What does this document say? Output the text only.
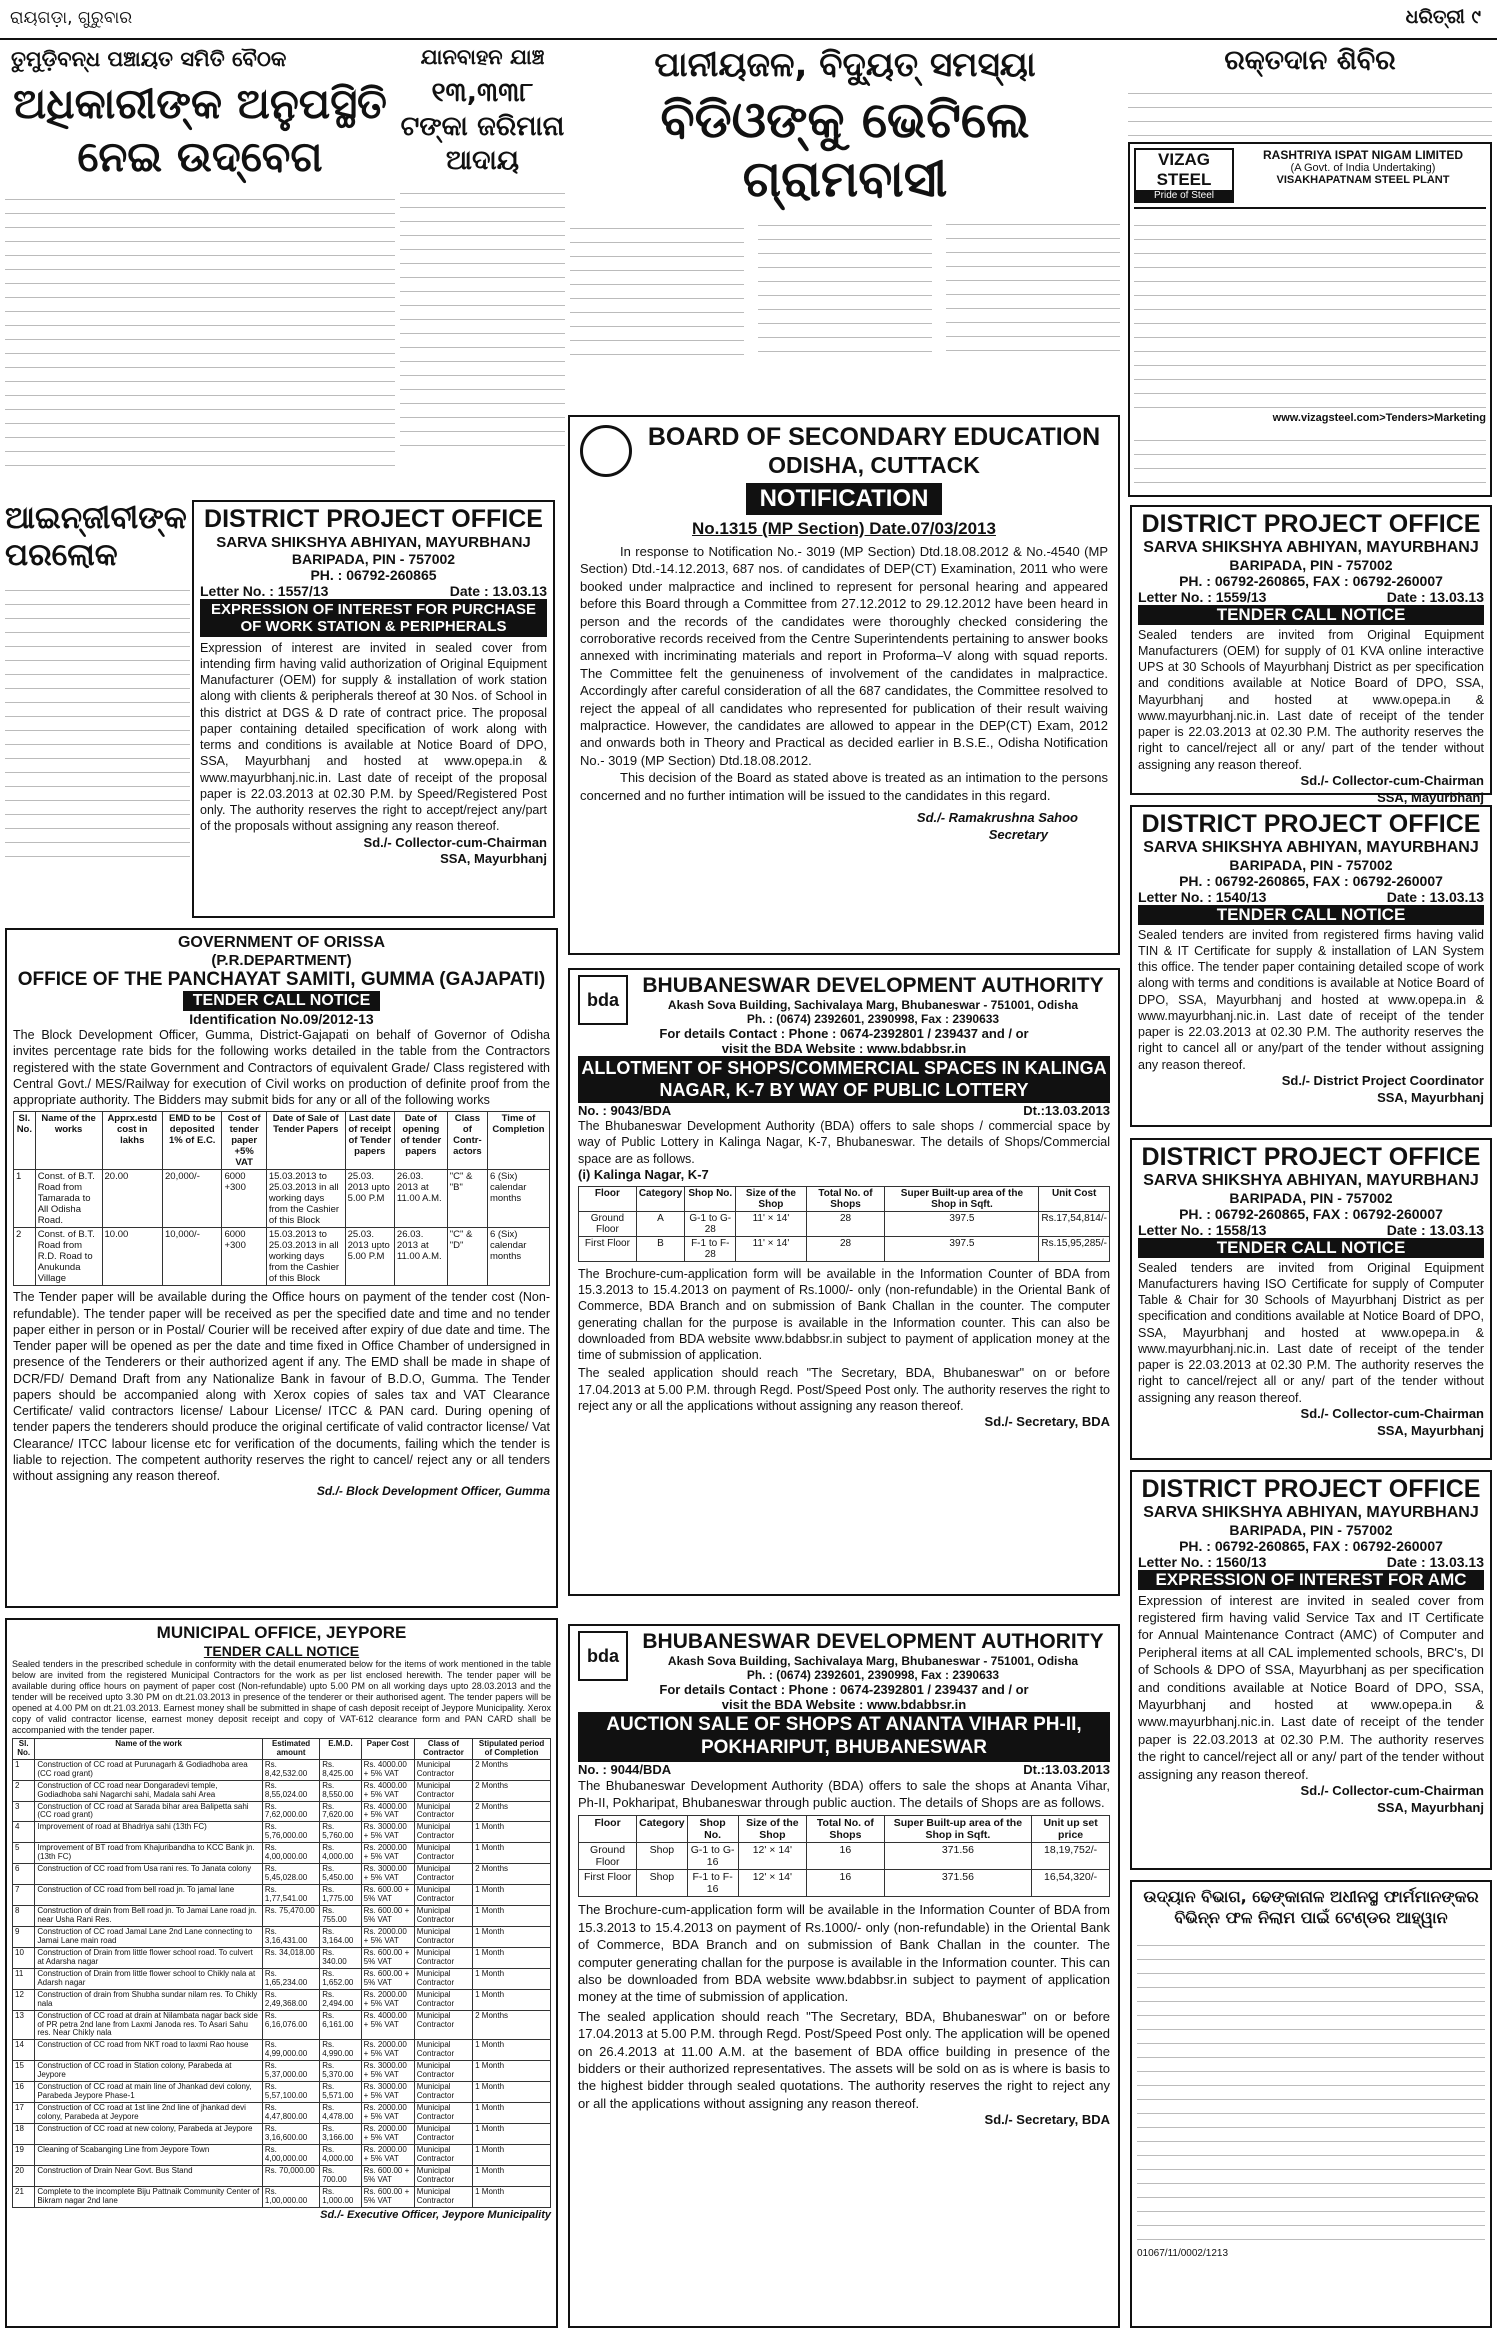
ରାୟଗଡ଼ା, ଗୁରୁବାର	ଧରିତ୍ରୀ ୯
ତୁମୁଡ଼ିବନ୍ଧ ପଞ୍ଚାୟତ ସମିତି ବୈଠକ
ଅଧିକାରୀଙ୍କ ଅନୁପସ୍ଥିତି ନେଇ ଉଦ୍‌ବେଗ
ଯାନବାହନ ଯାଞ୍ଚ
୧୩,୩୩୮ ଟଙ୍କା ଜରିମାନା ଆଦାୟ
ପାନୀୟଜଳ, ବିଦ୍ୟୁତ୍ ସମସ୍ୟା
ବିଡିଓଙ୍କୁ ଭେଟିଲେ ଗ୍ରାମବାସୀ
ରକ୍ତଦାନ ଶିବିର
VIZAG STEEL
Pride of Steel
RASHTRIYA ISPAT NIGAM LIMITED
(A Govt. of India Undertaking)
VISAKHAPATNAM STEEL PLANT
www.vizagsteel.com>Tenders>Marketing
ଆଇନ୍‌ଜୀବୀଙ୍କ ପରଲୋକ
DISTRICT PROJECT OFFICE
SARVA SHIKSHYA ABHIYAN, MAYURBHANJ
BARIPADA, PIN - 757002
PH. : 06792-260865
Letter No. : 1557/13	Date : 13.03.13
EXPRESSION OF INTEREST FOR PURCHASE OF WORK STATION & PERIPHERALS
Expression of interest are invited in sealed cover from intending firm having valid authorization of Original Equipment Manufacturer (OEM) for supply & installation of work station along with clients & peripherals thereof at 30 Nos. of School in this district at DGS & D rate of contract price. The proposal paper containing detailed specification of work along with terms and conditions is available at Notice Board of DPO, SSA, Mayurbhanj and hosted at www.opepa.in & www.mayurbhanj.nic.in. Last date of receipt of the proposal paper is 22.03.2013 at 02.30 P.M. by Speed/Registered Post only. The authority reserves the right to accept/reject any/part of the proposals without assigning any reason thereof.
Sd./- Collector-cum-Chairman
SSA, Mayurbhanj
BOARD OF SECONDARY EDUCATION
ODISHA, CUTTACK
NOTIFICATION
No.1315 (MP Section) Date.07/03/2013
In response to Notification No.- 3019 (MP Section) Dtd.18.08.2012 & No.-4540 (MP Section) Dtd.-14.12.2013, 687 nos. of candidates of DEP(CT) Examination, 2011 who were booked under malpractice and inclined to represent for personal hearing and appeared before this Board through a Committee from 27.12.2012 to 29.12.2012 have been heard in person and the records of the candidates were thoroughly checked considering the corroborative records received from the Centre Superintendents pertaining to answer books annexed with incriminating materials and report in Proforma–V along with squad reports. The Committee felt the genuineness of involvement of the candidates in malpractice. Accordingly after careful consideration of all the 687 candidates, the Committee resolved to reject the appeal of all candidates who represented for publication of their result waiving malpractice. However, the candidates are allowed to appear in the DEP(CT) Exam, 2012 and onwards both in Theory and Practical as decided earlier in B.S.E., Odisha Notification No.- 3019 (MP Section) Dtd.18.08.2012.
This decision of the Board as stated above is treated as an intimation to the persons concerned and no further intimation will be issued to the candidates in this regard.
Sd./- Ramakrushna Sahoo
Secretary
DISTRICT PROJECT OFFICE
SARVA SHIKSHYA ABHIYAN, MAYURBHANJ
BARIPADA, PIN - 757002
PH. : 06792-260865, FAX : 06792-260007
Letter No. : 1559/13	Date : 13.03.13
TENDER CALL NOTICE
Sealed tenders are invited from Original Equipment Manufacturers (OEM) for supply of 01 KVA online interactive UPS at 30 Schools of Mayurbhanj District as per specification and conditions available at Notice Board of DPO, SSA, Mayurbhanj and hosted at www.opepa.in & www.mayurbhanj.nic.in. Last date of receipt of the tender paper is 22.03.2013 at 02.30 P.M. The authority reserves the right to cancel/reject all or any/ part of the tender without assigning any reason thereof.
Sd./- Collector-cum-Chairman
SSA, Mayurbhanj
DISTRICT PROJECT OFFICE
SARVA SHIKSHYA ABHIYAN, MAYURBHANJ
BARIPADA, PIN - 757002
PH. : 06792-260865, FAX : 06792-260007
Letter No. : 1540/13	Date : 13.03.13
TENDER CALL NOTICE
Sealed tenders are invited from registered firms having valid TIN & IT Certificate for supply & installation of LAN System this office. The tender paper containing detailed scope of work along with terms and conditions is available at Notice Board of DPO, SSA, Mayurbhanj and hosted at www.opepa.in & www.mayurbhanj.nic.in. Last date of receipt of the tender paper is 22.03.2013 at 02.30 P.M. The authority reserves the right to cancel all or any/part of the tender without assigning any reason thereof.
Sd./- District Project Coordinator
SSA, Mayurbhanj
DISTRICT PROJECT OFFICE
SARVA SHIKSHYA ABHIYAN, MAYURBHANJ
BARIPADA, PIN - 757002
PH. : 06792-260865, FAX : 06792-260007
Letter No. : 1558/13	Date : 13.03.13
TENDER CALL NOTICE
Sealed tenders are invited from Original Equipment Manufacturers having ISO Certificate for supply of Computer Table & Chair for 30 Schools of Mayurbhanj District as per specification and conditions available at Notice Board of DPO, SSA, Mayurbhanj and hosted at www.opepa.in & www.mayurbhanj.nic.in. Last date of receipt of the tender paper is 22.03.2013 at 02.30 P.M. The authority reserves the right to cancel/reject all or any/ part of the tender without assigning any reason thereof.
Sd./- Collector-cum-Chairman
SSA, Mayurbhanj
DISTRICT PROJECT OFFICE
SARVA SHIKSHYA ABHIYAN, MAYURBHANJ
BARIPADA, PIN - 757002
PH. : 06792-260865, FAX : 06792-260007
Letter No. : 1560/13	Date : 13.03.13
EXPRESSION OF INTEREST FOR AMC
Expression of interest are invited in sealed cover from registered firm having valid Service Tax and IT Certificate for Annual Maintenance Contract (AMC) of Computer and Peripheral items at all CAL implemented schools, BRC's, DI of Schools & DPO of SSA, Mayurbhanj as per specification and conditions available at Notice Board of DPO, SSA, Mayurbhanj and hosted at www.opepa.in & www.mayurbhanj.nic.in. Last date of receipt of the tender paper is 22.03.2013 at 02.30 P.M. The authority reserves the right to cancel/reject all or any/ part of the tender without assigning any reason thereof.
Sd./- Collector-cum-Chairman
SSA, Mayurbhanj
ଉଦ୍ୟାନ ବିଭାଗ, ଢେଙ୍କାନାଳ ଅଧୀନସ୍ଥ ଫାର୍ମମାନଙ୍କର ବିଭିନ୍ନ ଫଳ ନିଲାମ ପାଇଁ ଟେଣ୍ଡର ଆହ୍ୱାନ
01067/11/0002/1213
GOVERNMENT OF ORISSA
(P.R.DEPARTMENT)
OFFICE OF THE PANCHAYAT SAMITI, GUMMA (GAJAPATI)
TENDER CALL NOTICE
Identification No.09/2012-13
The Block Development Officer, Gumma, District-Gajapati on behalf of Governor of Odisha invites percentage rate bids for the following works detailed in the table from the Contractors registered with the state Government and Contractors of equivalent Grade/ Class registered with Central Govt./ MES/Railway for execution of Civil works on production of definite proof from the appropriate authority. The Bidders may submit bids for any or all of the following works
Sl. No.	Name of the works	Apprx.estd cost in lakhs	EMD to be deposited 1% of E.C.	Cost of tender paper +5% VAT	Date of Sale of Tender Papers	Last date of receipt of Tender papers	Date of opening of tender papers	Class of Contr-actors	Time of Completion
1	Const. of B.T. Road from Tamarada to All Odisha Road.	20.00	20,000/-	6000 +300	15.03.2013 to 25.03.2013 in all working days from the Cashier of this Block	25.03. 2013 upto 5.00 P.M	26.03. 2013 at 11.00 A.M.	"C" & "B"	6 (Six) calendar months
2	Const. of B.T. Road from R.D. Road to Anukunda Village	10.00	10,000/-	6000 +300	15.03.2013 to 25.03.2013 in all working days from the Cashier of this Block	25.03. 2013 upto 5.00 P.M	26.03. 2013 at 11.00 A.M.	"C" & "D"	6 (Six) calendar months
The Tender paper will be available during the Office hours on payment of the tender cost (Non-refundable). The tender paper will be received as per the specified date and time and no tender paper either in person or in Postal/ Courier will be received after expiry of due date and time. The Tender paper will be opened as per the date and time fixed in Office Chamber of undersigned in presence of the Tenderers or their authorized agent if any. The EMD shall be made in shape of DCR/FD/ Demand Draft from any Nationalize Bank in favour of B.D.O, Gumma. The Tender papers should be accompanied along with Xerox copies of sales tax and VAT Clearance Certificate/ valid contractors license/ Labour License/ ITCC & PAN card. During opening of tender papers the tenderers should produce the original certificate of valid contractor license/ Vat Clearance/ ITCC labour license etc for verification of the documents, failing which the tender is liable to rejection. The competent authority reserves the right to cancel/ reject any or all tenders without assigning any reason thereof.
Sd./- Block Development Officer, Gumma
bda
BHUBANESWAR DEVELOPMENT AUTHORITY
Akash Sova Building, Sachivalaya Marg, Bhubaneswar - 751001, Odisha
Ph. : (0674) 2392601, 2390998, Fax : 2390633
For details Contact : Phone : 0674-2392801 / 239437 and / or
visit the BDA Website : www.bdabbsr.in
ALLOTMENT OF SHOPS/COMMERCIAL SPACES IN KALINGA NAGAR, K-7 BY WAY OF PUBLIC LOTTERY
No. : 9043/BDA	Dt.:13.03.2013
The Bhubaneswar Development Authority (BDA) offers to sale shops / commercial space by way of Public Lottery in Kalinga Nagar, K-7, Bhubaneswar. The details of Shops/Commercial space are as follows.
(i) Kalinga Nagar, K-7
Floor	Category	Shop No.	Size of the Shop	Total No. of Shops	Super Built-up area of the Shop in Sqft.	Unit Cost
Ground Floor	A	G-1 to G-28	11' × 14'	28	397.5	Rs.17,54,814/-
First Floor	B	F-1 to F-28	11' × 14'	28	397.5	Rs.15,95,285/-
The Brochure-cum-application form will be available in the Information Counter of BDA from 15.3.2013 to 15.4.2013 on payment of Rs.1000/- only (non-refundable) in the Oriental Bank of Commerce, BDA Branch and on submission of Bank Challan in the counter. The computer generating challan for the purpose is available in the Information counter. This can also be downloaded from BDA website www.bdabbsr.in subject to payment of application money at the time of submission of application.
The sealed application should reach "The Secretary, BDA, Bhubaneswar" on or before 17.04.2013 at 5.00 P.M. through Regd. Post/Speed Post only. The authority reserves the right to reject any or all the applications without assigning any reason thereof.
Sd./- Secretary, BDA
MUNICIPAL OFFICE, JEYPORE
TENDER CALL NOTICE
Sealed tenders in the prescribed schedule in conformity with the detail enumerated below for the items of work mentioned in the table below are invited from the registered Municipal Contractors for the work as per list enclosed herewith. The tender paper will be available during office hours on payment of paper cost (Non-refundable) upto 5.00 PM on all working days upto 28.03.2013 and the tender will be received upto 3.30 PM on dt.21.03.2013 in presence of the tenderer or their authorised agent. The tender papers will be opened at 4.00 PM on dt.21.03.2013. Earnest money shall be submitted in shape of cash deposit receipt of Jeypore Municipality. Xerox copy of valid contractor license, earnest money deposit receipt and copy of VAT-612 clearance form and PAN CARD shall be accompanied with the tender paper.
Sl. No.	Name of the work	Estimated amount	E.M.D.	Paper Cost	Class of Contractor	Stipulated period of Completion
1	Construction of CC road at Purunagarh & Godiadhoba area (CC road grant)	Rs. 8,42,532.00	Rs. 8,425.00	Rs. 4000.00 + 5% VAT	Municipal Contractor	2 Months
2	Construction of CC road near Dongaradevi temple, Godiadhoba sahi Nagarchi sahi, Madala sahi Area	Rs. 8,55,024.00	Rs. 8,550.00	Rs. 4000.00 + 5% VAT	Municipal Contractor	2 Months
3	Construction of CC road at Sarada bihar area Balipetta sahi (CC road grant)	Rs. 7,62,000.00	Rs. 7,620.00	Rs. 4000.00 + 5% VAT	Municipal Contractor	2 Months
4	Improvement of road at Bhadriya sahi (13th FC)	Rs. 5,76,000.00	Rs. 5,760.00	Rs. 3000.00 + 5% VAT	Municipal Contractor	1 Month
5	Improvement of BT road from Khajuribandha to KCC Bank jn. (13th FC)	Rs. 4,00,000.00	Rs. 4,000.00	Rs. 2000.00 + 5% VAT	Municipal Contractor	1 Month
6	Construction of CC road from Usa rani res. To Janata colony	Rs. 5,45,028.00	Rs. 5,450.00	Rs. 3000.00 + 5% VAT	Municipal Contractor	2 Months
7	Construction of CC road from bell road jn. To jamal lane	Rs. 1,77,541.00	Rs. 1,775.00	Rs. 600.00 + 5% VAT	Municipal Contractor	1 Month
8	Construction of drain from Bell road jn. To Jamai Lane road jn. near Usha Rani Res.	Rs. 75,470.00	Rs. 755.00	Rs. 600.00 + 5% VAT	Municipal Contractor	1 Month
9	Construction of CC road Jamal Lane 2nd Lane connecting to Jamai Lane main road	Rs. 3,16,431.00	Rs. 3,164.00	Rs. 2000.00 + 5% VAT	Municipal Contractor	1 Month
10	Construction of Drain from little flower school road. To culvert at Adarsha nagar	Rs. 34,018.00	Rs. 340.00	Rs. 600.00 + 5% VAT	Municipal Contractor	1 Month
11	Construction of Drain from little flower school to Chikly nala at Adarsh nagar	Rs. 1,65,234.00	Rs. 1,652.00	Rs. 600.00 + 5% VAT	Municipal Contractor	1 Month
12	Construction of drain from Shubha sundar nilam res. To Chikly nala	Rs. 2,49,368.00	Rs. 2,494.00	Rs. 2000.00 + 5% VAT	Municipal Contractor	1 Month
13	Construction of CC road at drain at Nilambata nagar back side of PR petra 2nd lane from Laxmi Janoda res. To Asari Sahu res. Near Chikly nala	Rs. 6,16,076.00	Rs. 6,161.00	Rs. 4000.00 + 5% VAT	Municipal Contractor	2 Months
14	Construction of CC road from NKT road to laxmi Rao house	Rs. 4,99,000.00	Rs. 4,990.00	Rs. 2000.00 + 5% VAT	Municipal Contractor	1 Month
15	Construction of CC road in Station colony, Parabeda at Jeypore	Rs. 5,37,000.00	Rs. 5,370.00	Rs. 3000.00 + 5% VAT	Municipal Contractor	1 Month
16	Construction of CC road at main line of Jhankad devi colony, Parabeda Jeypore Phase-1	Rs. 5,57,100.00	Rs. 5,571.00	Rs. 3000.00 + 5% VAT	Municipal Contractor	1 Month
17	Construction of CC road at 1st line 2nd line of jhankad devi colony, Parabeda at Jeypore	Rs. 4,47,800.00	Rs. 4,478.00	Rs. 2000.00 + 5% VAT	Municipal Contractor	1 Month
18	Construction of CC road at new colony, Parabeda at Jeypore	Rs. 3,16,600.00	Rs. 3,166.00	Rs. 2000.00 + 5% VAT	Municipal Contractor	1 Month
19	Cleaning of Scabanging Line from Jeypore Town	Rs. 4,00,000.00	Rs. 4,000.00	Rs. 2000.00 + 5% VAT	Municipal Contractor	1 Month
20	Construction of Drain Near Govt. Bus Stand	Rs. 70,000.00	Rs. 700.00	Rs. 600.00 + 5% VAT	Municipal Contractor	1 Month
21	Complete to the incomplete Biju Pattnaik Community Center of Bikram nagar 2nd lane	Rs. 1,00,000.00	Rs. 1,000.00	Rs. 600.00 + 5% VAT	Municipal Contractor	1 Month
Sd./- Executive Officer, Jeypore Municipality
bda
BHUBANESWAR DEVELOPMENT AUTHORITY
Akash Sova Building, Sachivalaya Marg, Bhubaneswar - 751001, Odisha
Ph. : (0674) 2392601, 2390998, Fax : 2390633
For details Contact : Phone : 0674-2392801 / 239437 and / or
visit the BDA Website : www.bdabbsr.in
AUCTION SALE OF SHOPS AT ANANTA VIHAR PH-II, POKHARIPUT, BHUBANESWAR
No. : 9044/BDA	Dt.:13.03.2013
The Bhubaneswar Development Authority (BDA) offers to sale the shops at Ananta Vihar, Ph-II, Pokharipat, Bhubaneswar through public auction. The details of Shops are as follows.
Floor	Category	Shop No.	Size of the Shop	Total No. of Shops	Super Built-up area of the Shop in Sqft.	Unit up set price
Ground Floor	Shop	G-1 to G-16	12' × 14'	16	371.56	18,19,752/-
First Floor	Shop	F-1 to F-16	12' × 14'	16	371.56	16,54,320/-
The Brochure-cum-application form will be available in the Information Counter of BDA from 15.3.2013 to 15.4.2013 on payment of Rs.1000/- only (non-refundable) in the Oriental Bank of Commerce, BDA Branch and on submission of Bank Challan in the counter. The computer generating challan for the purpose is available in the Information counter. This can also be downloaded from BDA website www.bdabbsr.in subject to payment of application money at the time of submission of application.
The sealed application should reach "The Secretary, BDA, Bhubaneswar" on or before 17.04.2013 at 5.00 P.M. through Regd. Post/Speed Post only. The application will be opened on 26.4.2013 at 11.00 A.M. at the basement of BDA office building in presence of the bidders or their authorized representatives. The assets will be sold on as is where is basis to the highest bidder through sealed quotations. The authority reserves the right to reject any or all the applications without assigning any reason thereof.
Sd./- Secretary, BDA
